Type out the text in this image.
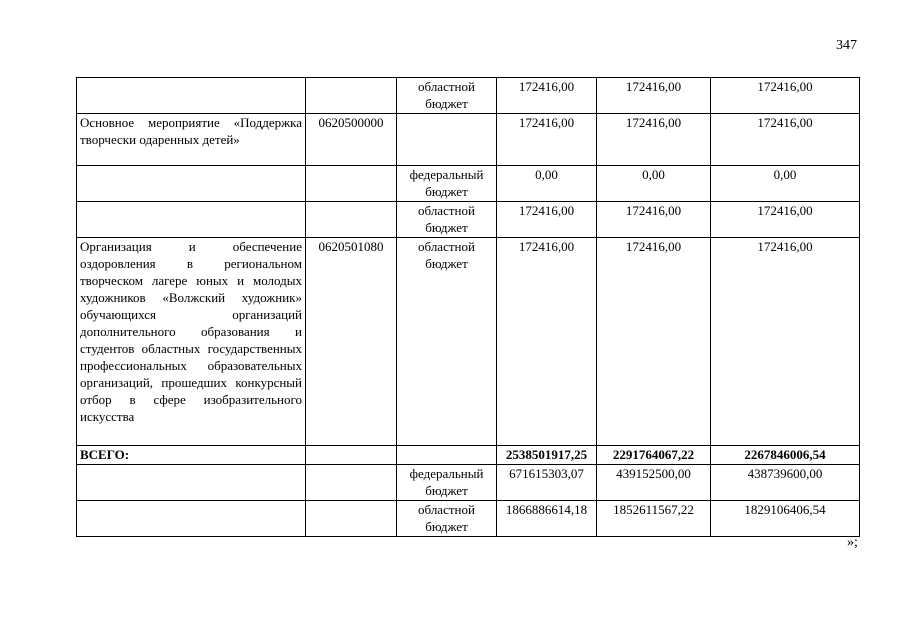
347
		областной бюджет	172416,00	172416,00	172416,00
Основное мероприятие «Поддержка творчески одаренных детей»	0620500000		172416,00	172416,00	172416,00
		федеральный бюджет	0,00	0,00	0,00
		областной бюджет	172416,00	172416,00	172416,00
Организация и обеспечение оздоровления в региональном творческом лагере юных и молодых художников «Волжский художник» обучающихся организаций дополнительного образования и студентов областных государственных профессиональных образовательных организаций, прошедших конкурсный отбор в сфере изобразительного искусства	0620501080	областной бюджет	172416,00	172416,00	172416,00
ВСЕГО:			2538501917,25	2291764067,22	2267846006,54
		федеральный бюджет	671615303,07	439152500,00	438739600,00
		областной бюджет	1866886614,18	1852611567,22	1829106406,54
»;
